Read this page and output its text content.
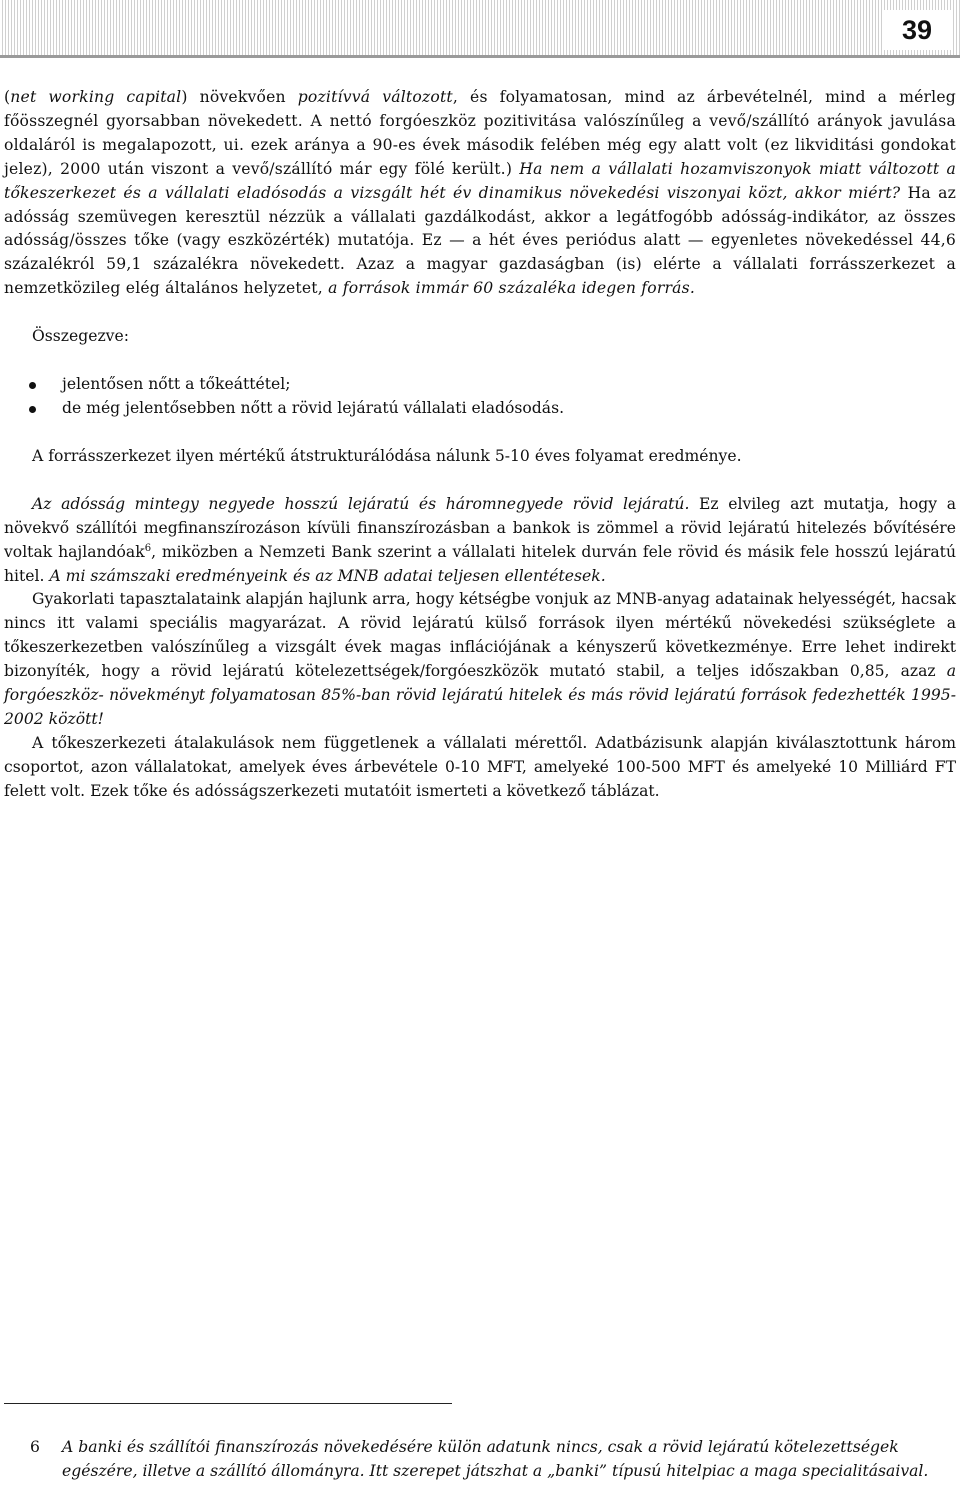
39

(net working capital) növekvően pozitívvá változott, és folyamatosan, mind az árbevételnél, mind a mérleg főösszegnél gyorsabban növekedett. A nettó forgóeszköz pozitivitása valószínűleg a vevő/szállító arányok javulása oldaláról is megalapozott, ui. ezek aránya a 90-es évek második felében még egy alatt volt (ez likviditási gondokat jelez), 2000 után viszont a vevő/szállító már egy fölé került.) Ha nem a vállalati hozamviszonyok miatt változott a tőkeszerkezet és a vállalati eladósodás a vizsgált hét év dinamikus növekedési viszonyai közt, akkor miért? Ha az adósság szemüvegen keresztül nézzük a vállalati gazdálkodást, akkor a legátfogóbb adósság-indikátor, az összes adósság/összes tőke (vagy eszközérték) mutatója. Ez — a hét éves periódus alatt — egyenletes növekedéssel 44,6 százalékról 59,1 százalékra növekedett. Azaz a magyar gazdaságban (is) elérte a vállalati forrásszerkezet a nemzetközileg elég általános helyzetet, a források immár 60 százaléka idegen forrás.

Összegezve:

jelentősen nőtt a tőkeáttétel;
de még jelentősebben nőtt a rövid lejáratú vállalati eladósodás.

A forrásszerkezet ilyen mértékű átstrukturálódása nálunk 5-10 éves folyamat eredménye.

Az adósság mintegy negyede hosszú lejáratú és háromnegyede rövid lejáratú. Ez elvileg azt mutatja, hogy a növekvő szállítói megfinanszírozáson kívüli finanszírozásban a bankok is zömmel a rövid lejáratú hitelezés bővítésére voltak hajlandóak$^6$, miközben a Nemzeti Bank szerint a vállalati hitelek durván fele rövid és másik fele hosszú lejáratú hitel. A mi számszaki eredményeink és az MNB adatai teljesen ellentétesek.

Gyakorlati tapasztalataink alapján hajlunk arra, hogy kétségbe vonjuk az MNB-anyag adatainak helyességét, hacsak nincs itt valami speciális magyarázat. A rövid lejáratú külső források ilyen mértékű növekedési szükséglete a tőkeszerkezetben valószínűleg a vizsgált évek magas inflációjának a kényszerű következménye. Erre lehet indirekt bizonyíték, hogy a rövid lejáratú kötelezettségek/forgóeszközök mutató stabil, a teljes időszakban 0,85, azaz a forgóeszköz- növekményt folyamatosan 85%-ban rövid lejáratú hitelek és más rövid lejáratú források fedezhették 1995-2002 között!

A tőkeszerkezeti átalakulások nem függetlenek a vállalati mérettől. Adatbázisunk alapján kiválasztottunk három csoportot, azon vállalatokat, amelyek éves árbevétele 0-10 MFT, amelyeké 100-500 MFT és amelyeké 10 Milliárd FT felett volt. Ezek tőke és adósságszerkezeti mutatóit ismerteti a következő táblázat.

6 A banki és szállítói finanszírozás növekedésére külön adatunk nincs, csak a rövid lejáratú kötelezettségek egészére, illetve a szállító állományra. Itt szerepet játszhat a „banki” típusú hitelpiac a maga specialitásaival.
